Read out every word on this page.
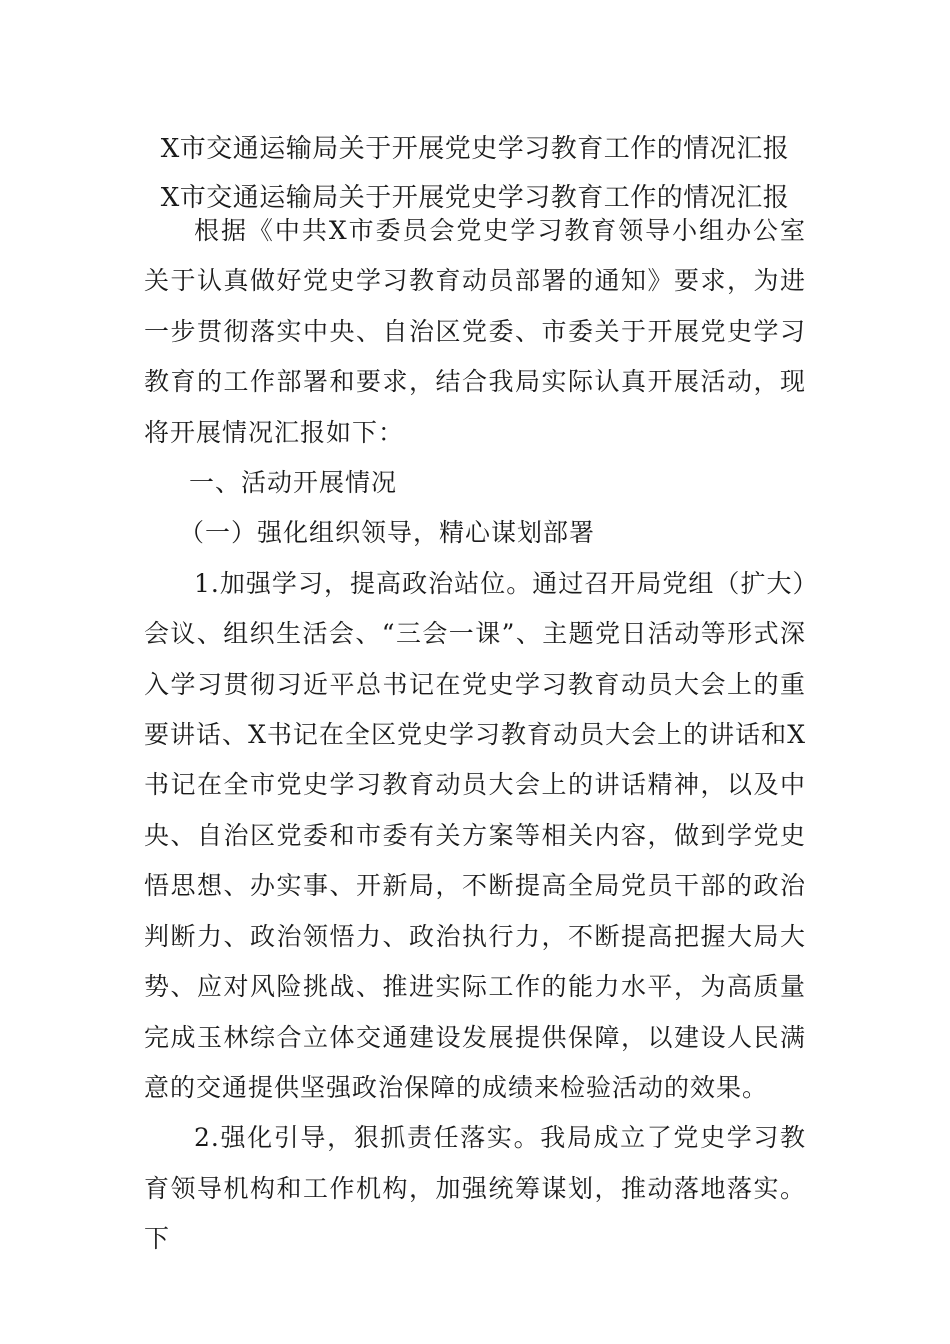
X市交通运输局关于开展党史学习教育工作的情况汇报
X市交通运输局关于开展党史学习教育工作的情况汇报

根据《中共X市委员会党史学习教育领导小组办公室关于认真做好党史学习教育动员部署的通知》要求，为进一步贯彻落实中央、自治区党委、市委关于开展党史学习教育的工作部署和要求，结合我局实际认真开展活动，现将开展情况汇报如下：

一、活动开展情况

（一）强化组织领导，精心谋划部署

1.加强学习，提高政治站位。通过召开局党组（扩大）会议、组织生活会、“三会一课”、主题党日活动等形式深入学习贯彻习近平总书记在党史学习教育动员大会上的重要讲话、X书记在全区党史学习教育动员大会上的讲话和X书记在全市党史学习教育动员大会上的讲话精神，以及中央、自治区党委和市委有关方案等相关内容，做到学党史悟思想、办实事、开新局，不断提高全局党员干部的政治判断力、政治领悟力、政治执行力，不断提高把握大局大势、应对风险挑战、推进实际工作的能力水平，为高质量完成玉林综合立体交通建设发展提供保障，以建设人民满意的交通提供坚强政治保障的成绩来检验活动的效果。

2.强化引导，狠抓责任落实。我局成立了党史学习教育领导机构和工作机构，加强统筹谋划，推动落地落实。下
